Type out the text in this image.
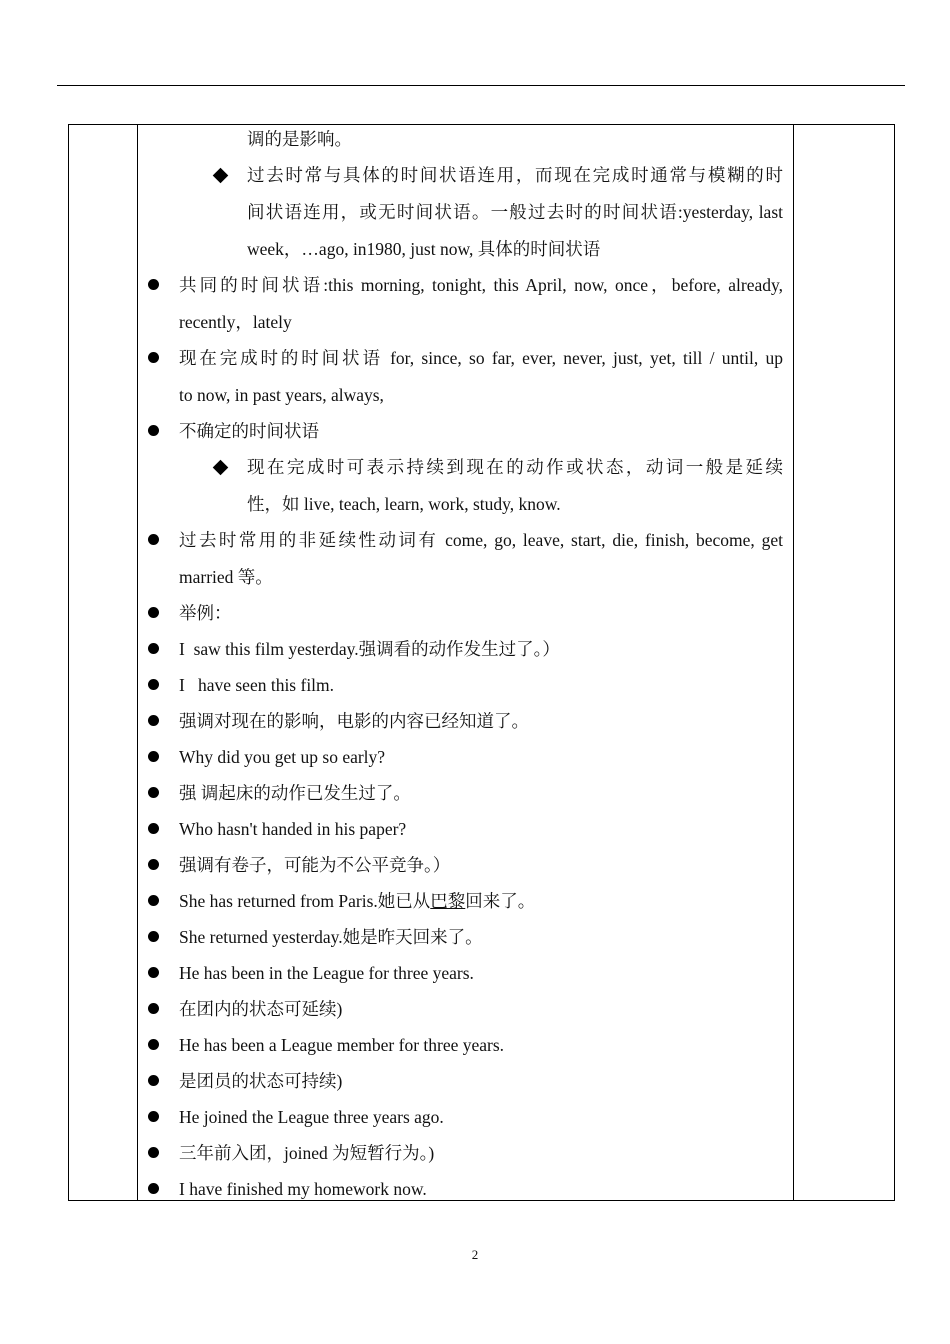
调的是影响。
过去时常与具体的时间状语连用，而现在完成时通常与模糊的时
间状语连用，或无时间状语。一般过去时的时间状语:yesterday, last
week，…ago, in1980, just now, 具体的时间状语
共同的时间状语:this morning, tonight, this April, now, once，before, already,
recently，lately
现在完成时的时间状语 for, since, so far, ever, never, just, yet, till / until, up
to now, in past years, always,
不确定的时间状语
现在完成时可表示持续到现在的动作或状态，动词一般是延续
性，如 live, teach, learn, work, study, know.
过去时常用的非延续性动词有 come, go, leave, start, die, finish, become, get
married 等。
举例：
I  saw this film yesterday.强调看的动作发生过了。）
I   have seen this film.
强调对现在的影响，电影的内容已经知道了。
Why did you get up so early?
强 调起床的动作已发生过了。
Who hasn't handed in his paper?
强调有卷子，可能为不公平竞争。）
She has returned from Paris.她已从巴黎回来了。
She returned yesterday.她是昨天回来了。
He has been in the League for three years.
在团内的状态可延续)
He has been a League member for three years.
是团员的状态可持续)
He joined the League three years ago.
三年前入团，joined 为短暂行为。)
I have finished my homework now.
2
